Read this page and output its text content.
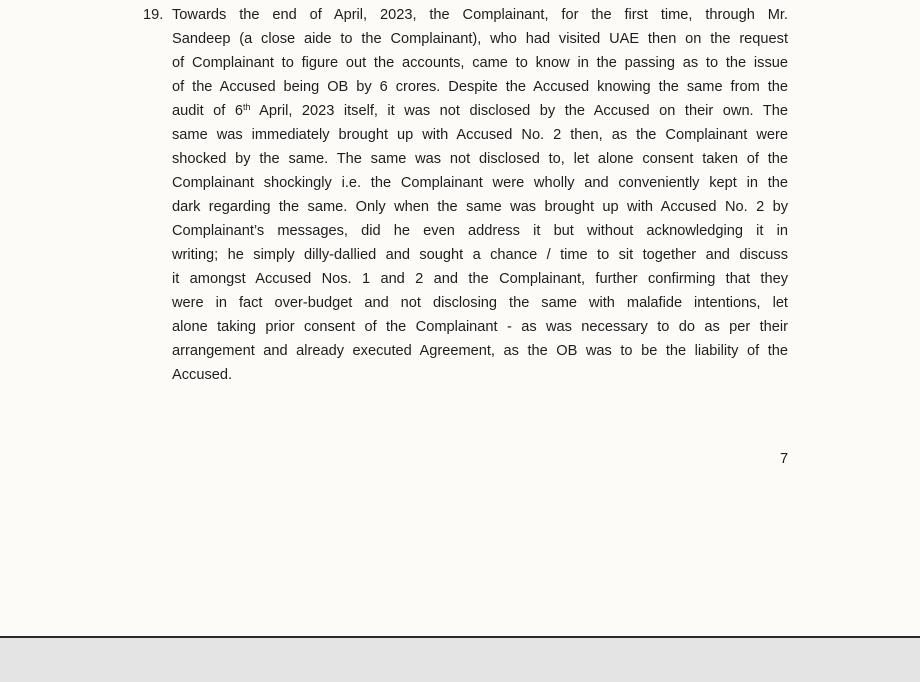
19. Towards the end of April, 2023, the Complainant, for the first time, through Mr.
Sandeep (a close aide to the Complainant), who had visited UAE then on the request
of Complainant to figure out the accounts, came to know in the passing as to the issue
of the Accused being OB by 6 crores. Despite the Accused knowing the same from the
audit of 6th April, 2023 itself, it was not disclosed by the Accused on their own. The
same was immediately brought up with Accused No. 2 then, as the Complainant were
shocked by the same. The same was not disclosed to, let alone consent taken of the
Complainant shockingly i.e. the Complainant were wholly and conveniently kept in the
dark regarding the same. Only when the same was brought up with Accused No. 2 by
Complainant’s messages, did he even address it but without acknowledging it in
writing; he simply dilly-dallied and sought a chance / time to sit together and discuss
it amongst Accused Nos. 1 and 2 and the Complainant, further confirming that they
were in fact over-budget and not disclosing the same with malafide intentions, let
alone taking prior consent of the Complainant - as was necessary to do as per their
arrangement and already executed Agreement, as the OB was to be the liability of the
Accused.
7
